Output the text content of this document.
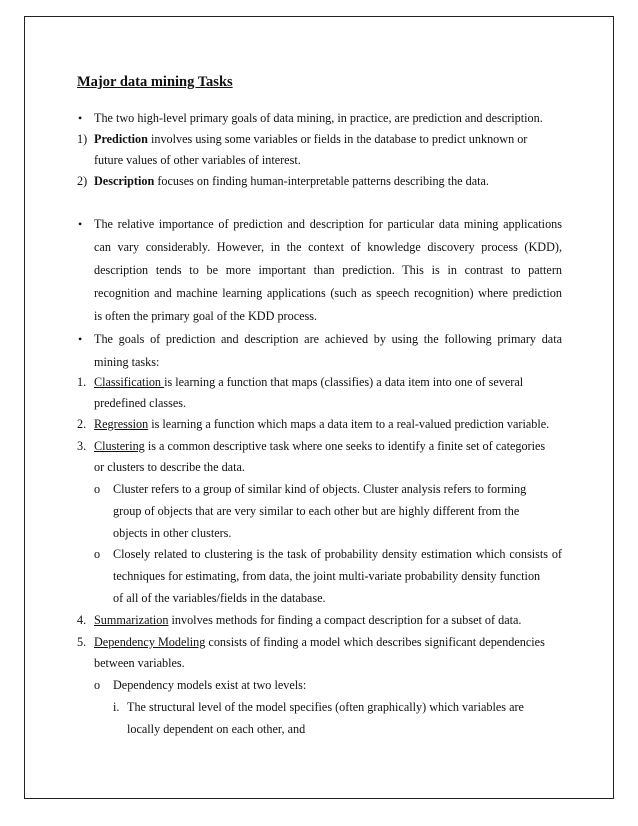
Major data mining Tasks
• The two high-level primary goals of data mining, in practice, are prediction and description.
1) Prediction involves using some variables or fields in the database to predict unknown or
future values of other variables of interest.
2) Description focuses on finding human-interpretable patterns describing the data.
• The relative importance of prediction and description for particular data mining applications
can vary considerably. However, in the context of knowledge discovery process (KDD),
description tends to be more important than prediction. This is in contrast to pattern
recognition and machine learning applications (such as speech recognition) where prediction
is often the primary goal of the KDD process.
• The goals of prediction and description are achieved by using the following primary data
mining tasks:
1. Classification is learning a function that maps (classifies) a data item into one of several
predefined classes.
2. Regression is learning a function which maps a data item to a real-valued prediction variable.
3. Clustering is a common descriptive task where one seeks to identify a finite set of categories
or clusters to describe the data.
o Cluster refers to a group of similar kind of objects. Cluster analysis refers to forming
group of objects that are very similar to each other but are highly different from the
objects in other clusters.
o Closely related to clustering is the task of probability density estimation which consists of
techniques for estimating, from data, the joint multi-variate probability density function
of all of the variables/fields in the database.
4. Summarization involves methods for finding a compact description for a subset of data.
5. Dependency Modeling consists of finding a model which describes significant dependencies
between variables.
o Dependency models exist at two levels:
i. The structural level of the model specifies (often graphically) which variables are
locally dependent on each other, and
